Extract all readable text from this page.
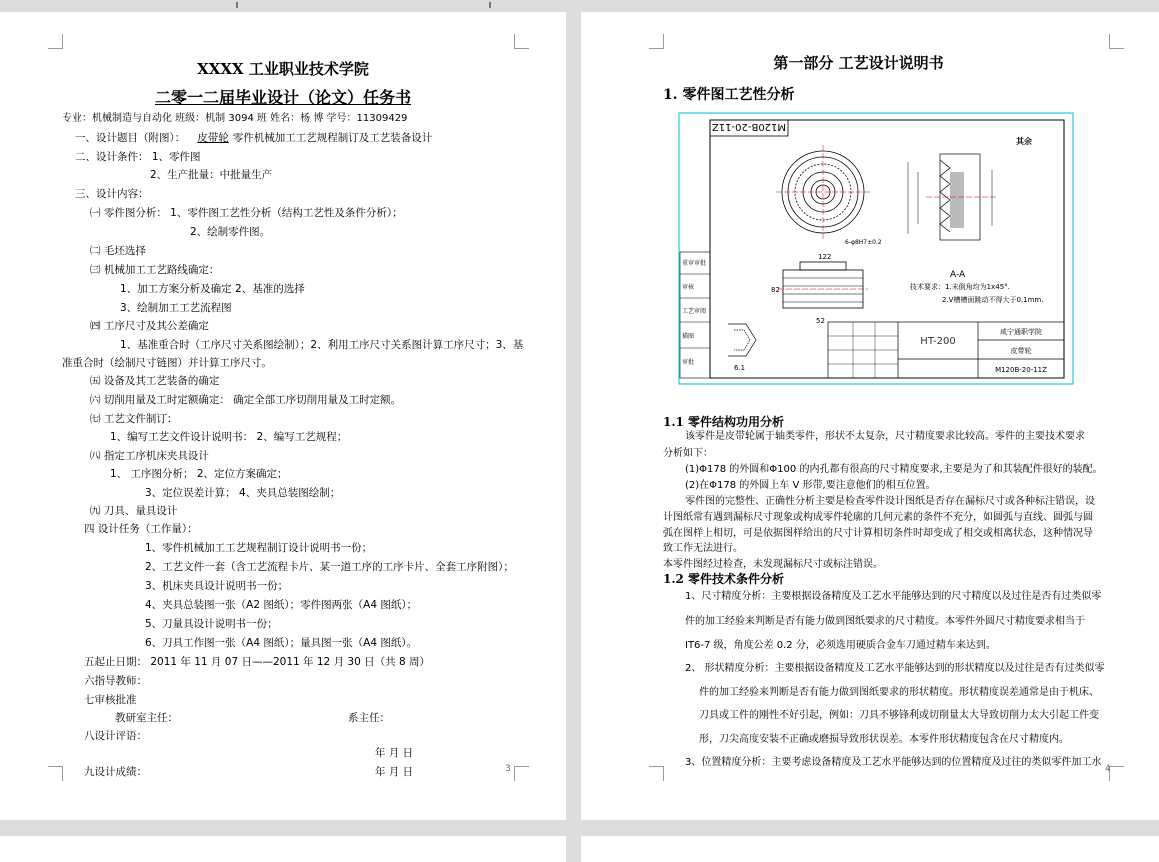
XXXX 工业职业技术学院
二零一二届毕业设计（论文）任务书
专业：机械制造与自动化 班级：机制 3094 班 姓名：杨 博 学号：11309429
一、设计题目（附图）： 皮带轮 零件机械加工工艺规程制订及工艺装备设计
二、设计条件： 1、零件图
2、生产批量：中批量生产
三、设计内容：
㈠ 零件图分析： 1、零件图工艺性分析（结构工艺性及条件分析）；
2、绘制零件图。
㈡ 毛坯选择
㈢ 机械加工工艺路线确定：
1、加工方案分析及确定 2、基准的选择
3、绘制加工工艺流程图
㈣ 工序尺寸及其公差确定
1、基准重合时（工序尺寸关系图绘制）；2、利用工序尺寸关系图计算工序尺寸；3、基
准重合时（绘制尺寸链图）并计算工序尺寸。
㈤ 设备及其工艺装备的确定
㈥ 切削用量及工时定额确定： 确定全部工序切削用量及工时定额。
㈦ 工艺文件制订：
1、编写工艺文件设计说明书： 2、编写工艺规程；
㈧ 指定工序机床夹具设计
1、 工序图分析； 2、定位方案确定；
3、定位误差计算； 4、夹具总装图绘制；
㈨ 刀具、量具设计
四 设计任务（工作量）：
1、零件机械加工工艺规程制订设计说明书一份；
2、工艺文件一套（含工艺流程卡片、某一道工序的工序卡片、全套工序附图）；
3、机床夹具设计说明书一份；
4、夹具总装图一张（A2 图纸）；零件图两张（A4 图纸）；
5、刀量具设计说明书一份；
6、刀具工作图一张（A4 图纸）；量具图一张（A4 图纸）。
五起止日期： 2011 年 11 月 07 日——2011 年 12 月 30 日（共 8 周）
六指导教师：
七审核批准
教研室主任：	系主任：
八设计评语：
年 月 日
九设计成绩：	年 月 日	3
第一部分 工艺设计说明书
1. 零件图工艺性分析
M120B-20-11Z
其余
重审审批
审核
工艺审阅
描图
审批
6-φ8H7±0.2
A-A
122
52
82
6.1
技术要求：1.未倒角均为1x45°.
2.V槽槽面跳动不得大于0.1mm.
HT-200
咸宁通职学院
皮带轮
M120B-20-11Z
1.1 零件结构功用分析
该零件是皮带轮属于轴类零件，形状不太复杂，尺寸精度要求比较高。零件的主要技术要求
分析如下：
(1)Φ178 的外圆和Φ100 的内孔都有很高的尺寸精度要求,主要是为了和其装配件很好的装配。
(2)在Φ178 的外圆上车 V 形带,要注意他们的相互位置。
零件图的完整性、正确性分析主要是检查零件设计图纸是否存在漏标尺寸或各种标注错误，设
计图纸常有遇到漏标尺寸现象或构成零件轮廓的几何元素的条件不充分，如圆弧与直线、圆弧与圆
弧在图样上相切，可是依据图样给出的尺寸计算相切条件时却变成了相交或相离状态，这种情况导
致工作无法进行。
本零件图经过检查，未发现漏标尺寸或标注错误。
1.2 零件技术条件分析
1、尺寸精度分析：主要根据设备精度及工艺水平能够达到的尺寸精度以及过往是否有过类似零
件的加工经验来判断是否有能力做到图纸要求的尺寸精度。本零件外圆尺寸精度要求相当于
IT6-7 级，角度公差 0.2 分，必须选用硬质合金车刀通过精车来达到。
2、 形状精度分析：主要根据设备精度及工艺水平能够达到的形状精度以及过往是否有过类似零
件的加工经验来判断是否有能力做到图纸要求的形状精度。形状精度误差通常是由于机床、
刀具或工件的刚性不好引起，例如：刀具不够锋利或切削量太大导致切削力太大引起工件变
形，刀尖高度安装不正确或磨损导致形状误差。本零件形状精度包含在尺寸精度内。
3、位置精度分析：主要考虑设备精度及工艺水平能够达到的位置精度及过往的类似零件加工水
4
